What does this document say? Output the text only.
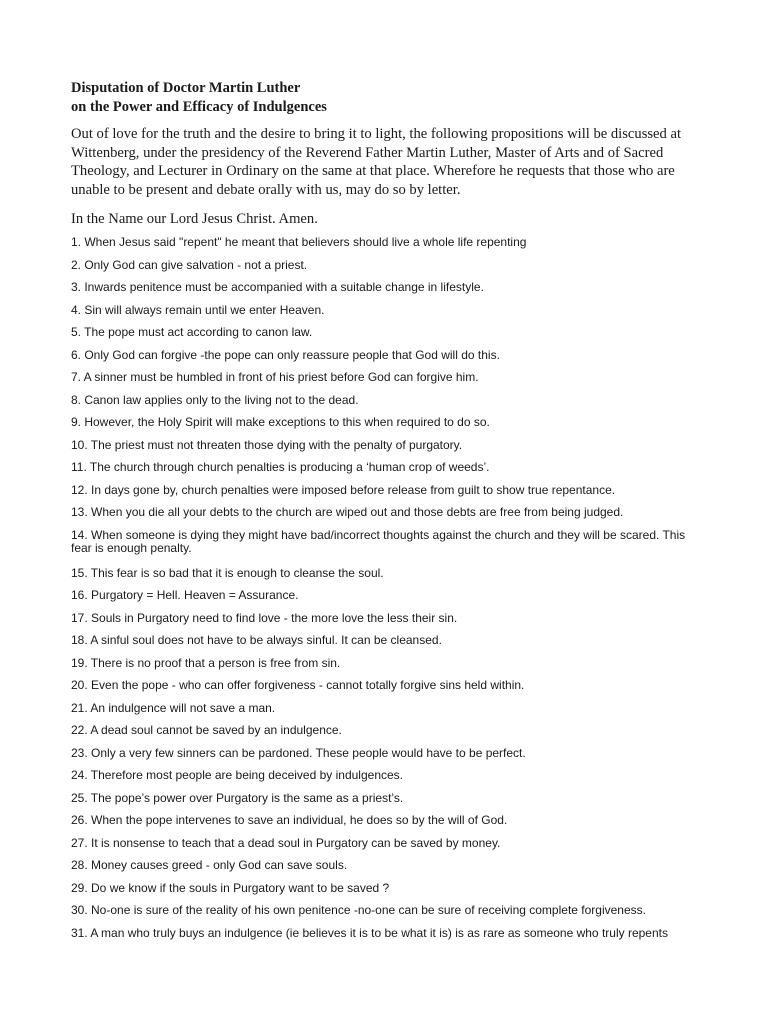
Disputation of Doctor Martin Luther
on the Power and Efficacy of Indulgences

Out of love for the truth and the desire to bring it to light, the following propositions will be discussed at Wittenberg, under the presidency of the Reverend Father Martin Luther, Master of Arts and of Sacred Theology, and Lecturer in Ordinary on the same at that place. Wherefore he requests that those who are unable to be present and debate orally with us, may do so by letter.

In the Name our Lord Jesus Christ. Amen.

1. When Jesus said "repent" he meant that believers should live a whole life repenting
2. Only God can give salvation - not a priest.
3. Inwards penitence must be accompanied with a suitable change in lifestyle.
4. Sin will always remain until we enter Heaven.
5. The pope must act according to canon law.
6. Only God can forgive -the pope can only reassure people that God will do this.
7. A sinner must be humbled in front of his priest before God can forgive him.
8. Canon law applies only to the living not to the dead.
9. However, the Holy Spirit will make exceptions to this when required to do so.
10. The priest must not threaten those dying with the penalty of purgatory.
11. The church through church penalties is producing a ‘human crop of weeds’.
12. In days gone by, church penalties were imposed before release from guilt to show true repentance.
13. When you die all your debts to the church are wiped out and those debts are free from being judged.
14. When someone is dying they might have bad/incorrect thoughts against the church and they will be scared. This fear is enough penalty.
15. This fear is so bad that it is enough to cleanse the soul.
16. Purgatory = Hell. Heaven = Assurance.
17. Souls in Purgatory need to find love - the more love the less their sin.
18. A sinful soul does not have to be always sinful. It can be cleansed.
19. There is no proof that a person is free from sin.
20. Even the pope - who can offer forgiveness - cannot totally forgive sins held within.
21. An indulgence will not save a man.
22. A dead soul cannot be saved by an indulgence.
23. Only a very few sinners can be pardoned. These people would have to be perfect.
24. Therefore most people are being deceived by indulgences.
25. The pope’s power over Purgatory is the same as a priest’s.
26. When the pope intervenes to save an individual, he does so by the will of God.
27. It is nonsense to teach that a dead soul in Purgatory can be saved by money.
28. Money causes greed - only God can save souls.
29. Do we know if the souls in Purgatory want to be saved ?
30. No-one is sure of the reality of his own penitence -no-one can be sure of receiving complete forgiveness.
31. A man who truly buys an indulgence (ie believes it is to be what it is) is as rare as someone who truly repents
